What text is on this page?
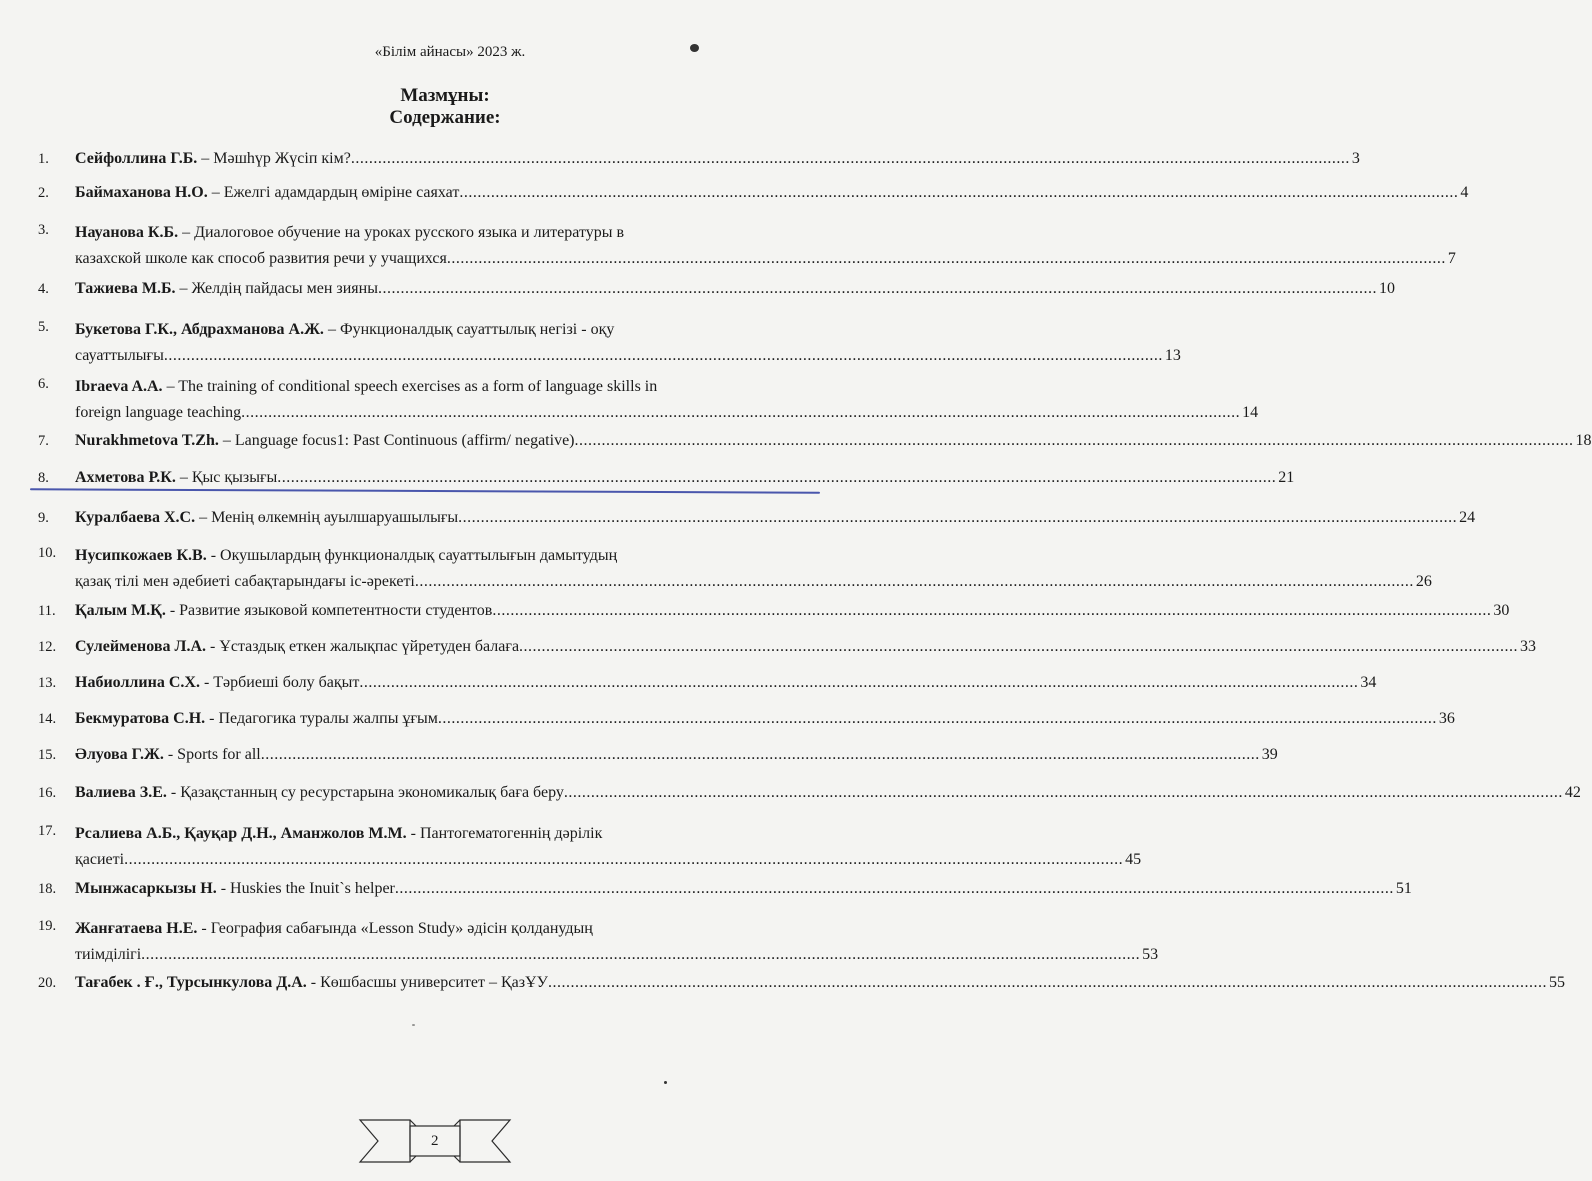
«Білім айнасы» 2023 ж.
Мазмұны:
Содержание:
1.	Сейфоллина Г.Б. – Мәшһүр Жүсіп кім? .....	3
2.	Баймаханова Н.О. – Ежелгі адамдардың өміріне саяхат .....	4
3.	Науанова К.Б. – Диалоговое обучение на уроках русского языка и литературы в
казахской школе как способ развития речи у учащихся .....	7
4.	Тажиева М.Б. – Желдің пайдасы мен зияны .....	10
5.	Букетова Г.К., Абдрахманова А.Ж. – Функционалдық сауаттылық негізі - оқу
сауаттылығы .....	13
6.	Ibraeva A.A. – The training of conditional speech exercises as a form of language skills in
foreign language teaching .....	14
7.	Nurakhmetova T.Zh. – Language focus1: Past Continuous (affirm/ negative) .....	18
8.	Ахметова Р.К. – Қыс қызығы .....	21
9.	Куралбаева Х.С. – Менің өлкемнің ауылшаруашылығы .....	24
10.	Нусипкожаев К.В. - Окушылардың функционалдық сауаттылығын дамытудың
қазақ тілі мен әдебиеті сабақтарындағы іс-әрекеті .....	26
11.	Қалым М.Қ. - Развитие языковой компетентности студентов .....	30
12.	Сулейменова Л.А. - Ұстаздық еткен жалықпас үйретуден балаға .....	33
13.	Набиоллина С.Х. - Тәрбиеші болу бақыт .....	34
14.	Бекмуратова С.Н. - Педагогика туралы жалпы ұғым .....	36
15.	Әлуова Г.Ж. - Sports for all .....	39
16.	Валиева З.Е. - Қазақстанның су ресурстарына экономикалық баға беру .....	42
17.	Рсалиева А.Б., Қауқар Д.Н., Аманжолов М.М. - Пантогематогеннің дәрілік
қасиеті .....	45
18.	Мынжасаркызы Н. - Huskies the Inuit`s helper .....	51
19.	Жанғатаева Н.Е. - География сабағында «Lesson Study» әдісін қолданудың
тиімділігі .....	53
20.	Тағабек . Ғ., Турсынкулова Д.А. - Көшбасшы университет – ҚазҰУ .....	55
2
